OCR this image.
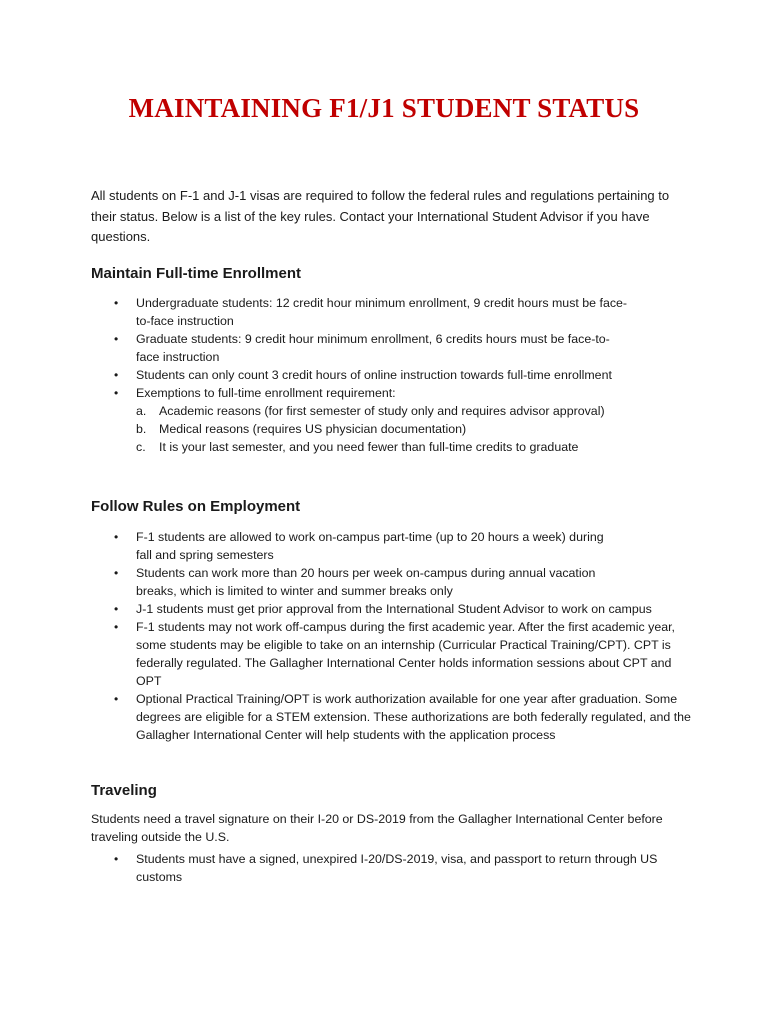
MAINTAINING F1/J1 STUDENT STATUS

All students on F-1 and J-1 visas are required to follow the federal rules and regulations pertaining to their status. Below is a list of the key rules. Contact your International Student Advisor if you have questions.

Maintain Full-time Enrollment
• Undergraduate students: 12 credit hour minimum enrollment, 9 credit hours must be face-to-face instruction
• Graduate students: 9 credit hour minimum enrollment, 6 credits hours must be face-to-face instruction
• Students can only count 3 credit hours of online instruction towards full-time enrollment
• Exemptions to full-time enrollment requirement:
a. Academic reasons (for first semester of study only and requires advisor approval)
b. Medical reasons (requires US physician documentation)
c. It is your last semester, and you need fewer than full-time credits to graduate
Follow Rules on Employment
• F-1 students are allowed to work on-campus part-time (up to 20 hours a week) during fall and spring semesters
• Students can work more than 20 hours per week on-campus during annual vacation breaks, which is limited to winter and summer breaks only
• J-1 students must get prior approval from the International Student Advisor to work on campus
• F-1 students may not work off-campus during the first academic year. After the first academic year, some students may be eligible to take on an internship (Curricular Practical Training/CPT). CPT is federally regulated. The Gallagher International Center holds information sessions about CPT and OPT
• Optional Practical Training/OPT is work authorization available for one year after graduation. Some degrees are eligible for a STEM extension. These authorizations are both federally regulated, and the Gallagher International Center will help students with the application process
Traveling

Students need a travel signature on their I-20 or DS-2019 from the Gallagher International Center before traveling outside the U.S.

• Students must have a signed, unexpired I-20/DS-2019, visa, and passport to return through US customs
